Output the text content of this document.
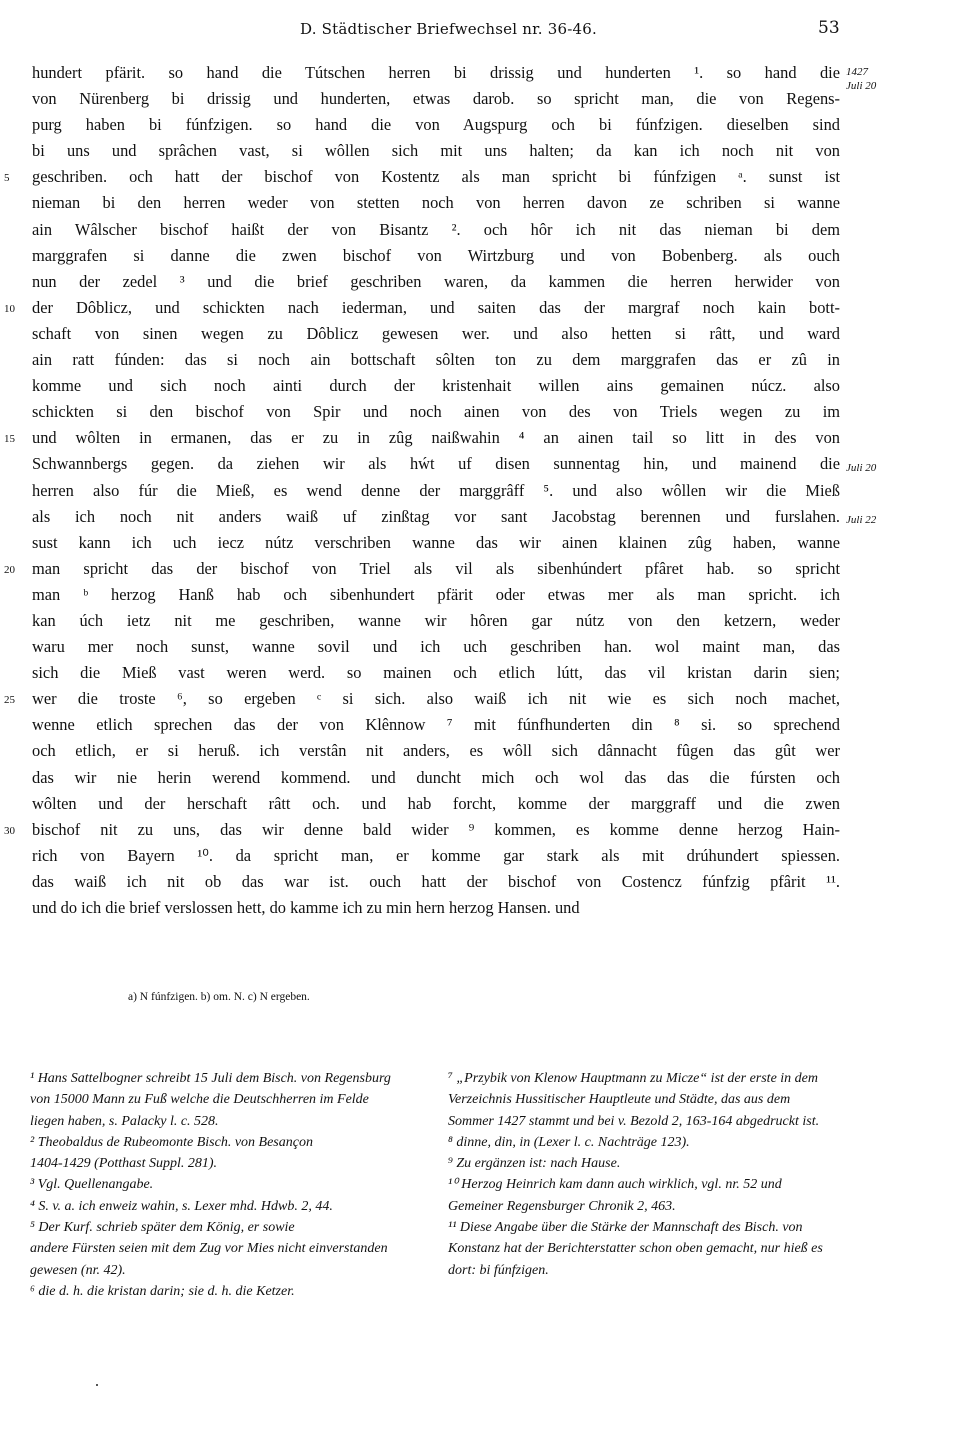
D. Städtischer Briefwechsel nr. 36-46.	53
1427
Juli 20
Juli 20
Juli 22
hundert pfärit. so hand die Tútschen herren bi drissig und hunderten ¹. so hand die
von Nürenberg bi drissig und hunderten, etwas darob. so spricht man, die von Regens-
purg haben bi fúnfzigen. so hand die von Augspurg och bi fúnfzigen. dieselben sind
bi uns und sprâchen vast, si wôllen sich mit uns halten; da kan ich noch nit von
geschriben. och hatt der bischof von Kostentz als man spricht bi fúnfzigen ᵃ. sunst ist
nieman bi den herren weder von stetten noch von herren davon ze schriben si wanne
ain Wâlscher bischof haißt der von Bisantz ². och hôr ich nit das nieman bi dem
marggrafen si danne die zwen bischof von Wirtzburg und von Bobenberg. als ouch
nun der zedel ³ und die brief geschriben waren, da kammen die herren herwider von
der Dôblicz, und schickten nach iederman, und saiten das der margraf noch kain bott-
schaft von sinen wegen zu Dôblicz gewesen wer. und also hetten si râtt, und ward
ain ratt fúnden: das si noch ain bottschaft sôlten ton zu dem marggrafen das er zû in
komme und sich noch ainti durch der kristenhait willen ains gemainen núcz. also
schickten si den bischof von Spir und noch ainen von des von Triels wegen zu im
und wôlten in ermanen, das er zu in zûg naißwahin ⁴ an ainen tail so litt in des von
Schwannbergs gegen. da ziehen wir als hẃt uf disen sunnentag hin, und mainend die
herren also fúr die Mieß, es wend denne der marggrâff ⁵. und also wôllen wir die Mieß
als ich noch nit anders waiß uf zinßtag vor sant Jacobstag berennen und furslahen.
sust kann ich uch iecz nútz verschriben wanne das wir ainen klainen zûg haben, wanne
man spricht das der bischof von Triel als vil als sibenhúndert pfâret hab. so spricht
man ᵇ herzog Hanß hab och sibenhundert pfärit oder etwas mer als man spricht. ich
kan úch ietz nit me geschriben, wanne wir hôren gar nútz von den ketzern, weder
waru mer noch sunst, wanne sovil und ich uch geschriben han. wol maint man, das
sich die Mieß vast weren werd. so mainen och etlich lútt, das vil kristan darin sien;
wer die troste ⁶, so ergeben ᶜ si sich. also waiß ich nit wie es sich noch machet,
wenne etlich sprechen das der von Klênnow ⁷ mit fúnfhunderten din ⁸ si. so sprechend
och etlich, er si heruß. ich verstân nit anders, es wôll sich dânnacht fûgen das gût wer
das wir nie herin werend kommend. und duncht mich och wol das das die fúrsten och
wôlten und der herschaft râtt och. und hab forcht, komme der marggraff und die zwen
bischof nit zu uns, das wir denne bald wider ⁹ kommen, es komme denne herzog Hain-
rich von Bayern ¹⁰. da spricht man, er komme gar stark als mit drúhundert spiessen.
das waiß ich nit ob das war ist. ouch hatt der bischof von Costencz fúnfzig pfârit ¹¹.
und do ich die brief verslossen hett, do kamme ich zu min hern herzog Hansen. und
5
10
15
20
25
30
a) N fúnfzigen. b) om. N. c) N ergeben.

¹ Hans Sattelbogner schreibt 15 Juli dem Bisch. von Regensburg von 15000 Mann zu Fuß welche die Deutschherren im Felde liegen haben, s. Palacky l. c. 528.

² Theobaldus de Rubeomonte Bisch. von Besançon

1404-1429 (Potthast Suppl. 281).

³ Vgl. Quellenangabe.

⁴ S. v. a. ich enweiz wahin, s. Lexer mhd. Hdwb. 2, 44.

⁵ Der Kurf. schrieb später dem König, er sowie

andere Fürsten seien mit dem Zug vor Mies nicht einverstanden gewesen (nr. 42).

⁶ die d. h. die kristan darin; sie d. h. die Ketzer.

⁷ „Przybik von Klenow Hauptmann zu Micze“ ist der erste in dem Verzeichnis Hussitischer Hauptleute und Städte, das aus dem Sommer 1427 stammt und bei v. Bezold 2, 163-164 abgedruckt ist.

⁸ dinne, din, in (Lexer l. c. Nachträge 123).

⁹ Zu ergänzen ist: nach Hause.

¹⁰ Herzog Heinrich kam dann auch wirklich, vgl. nr. 52 und Gemeiner Regensburger Chronik 2, 463.

¹¹ Diese Angabe über die Stärke der Mannschaft des Bisch. von Konstanz hat der Berichterstatter schon oben gemacht, nur hieß es dort: bi fúnfzigen.
